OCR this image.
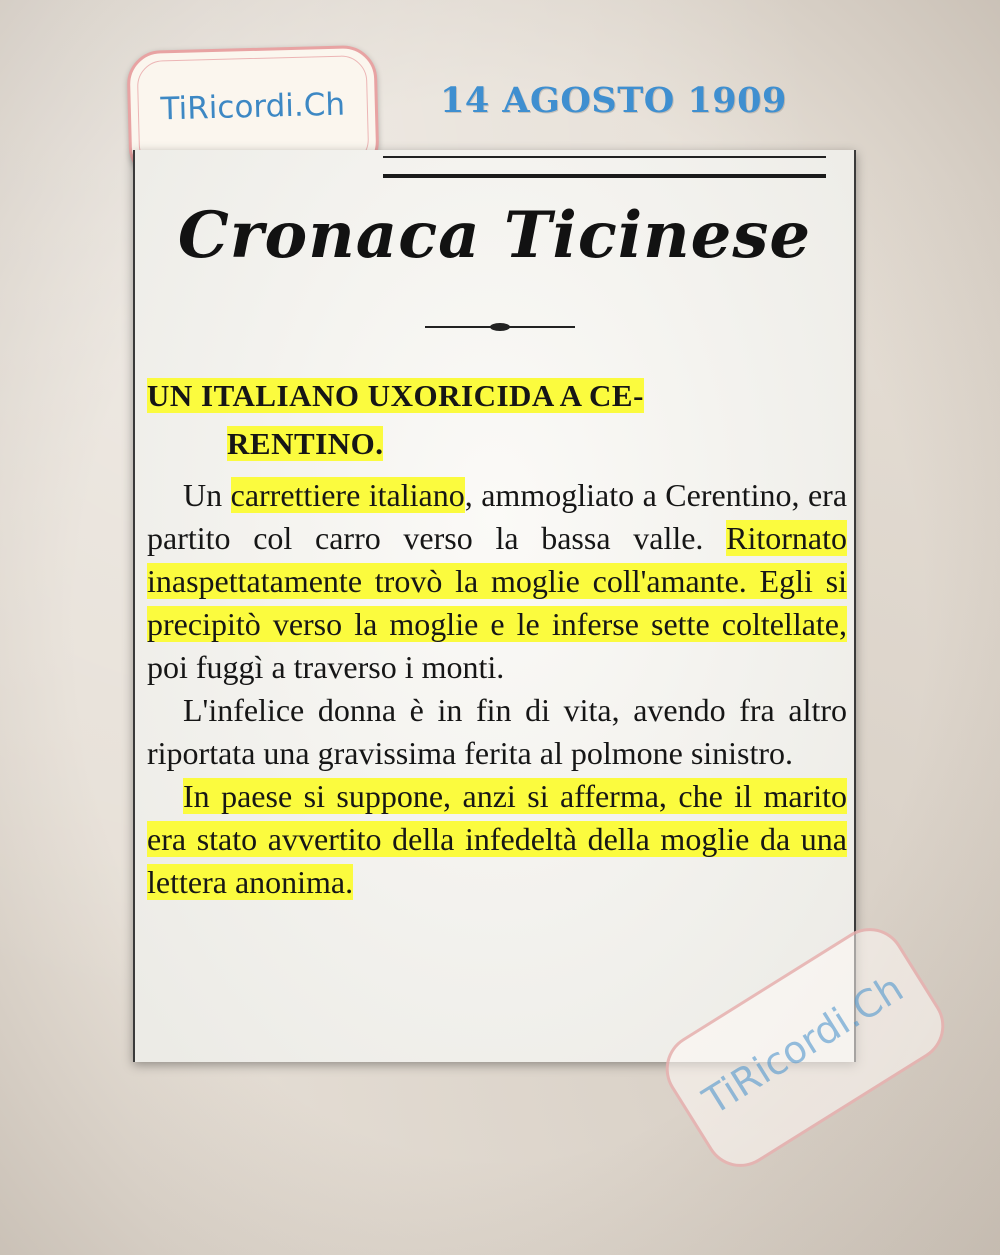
TiRicordi.Ch	14 AGOSTO 1909
Cronaca Ticinese
UN ITALIANO UXORICIDA A CE-
RENTINO.

Un carrettiere italiano, ammogliato a Cerentino, era partito col carro verso la bassa valle. Ritornato inaspettatamente trovò la moglie coll'amante. Egli si precipitò verso la moglie e le inferse sette coltellate, poi fuggì a traverso i monti.

L'infelice donna è in fin di vita, avendo fra altro riportata una gravissima ferita al polmone sinistro.

In paese si suppone, anzi si afferma, che il marito era stato avvertito della infedeltà della moglie da una lettera anonima.

TiRicordi.Ch
